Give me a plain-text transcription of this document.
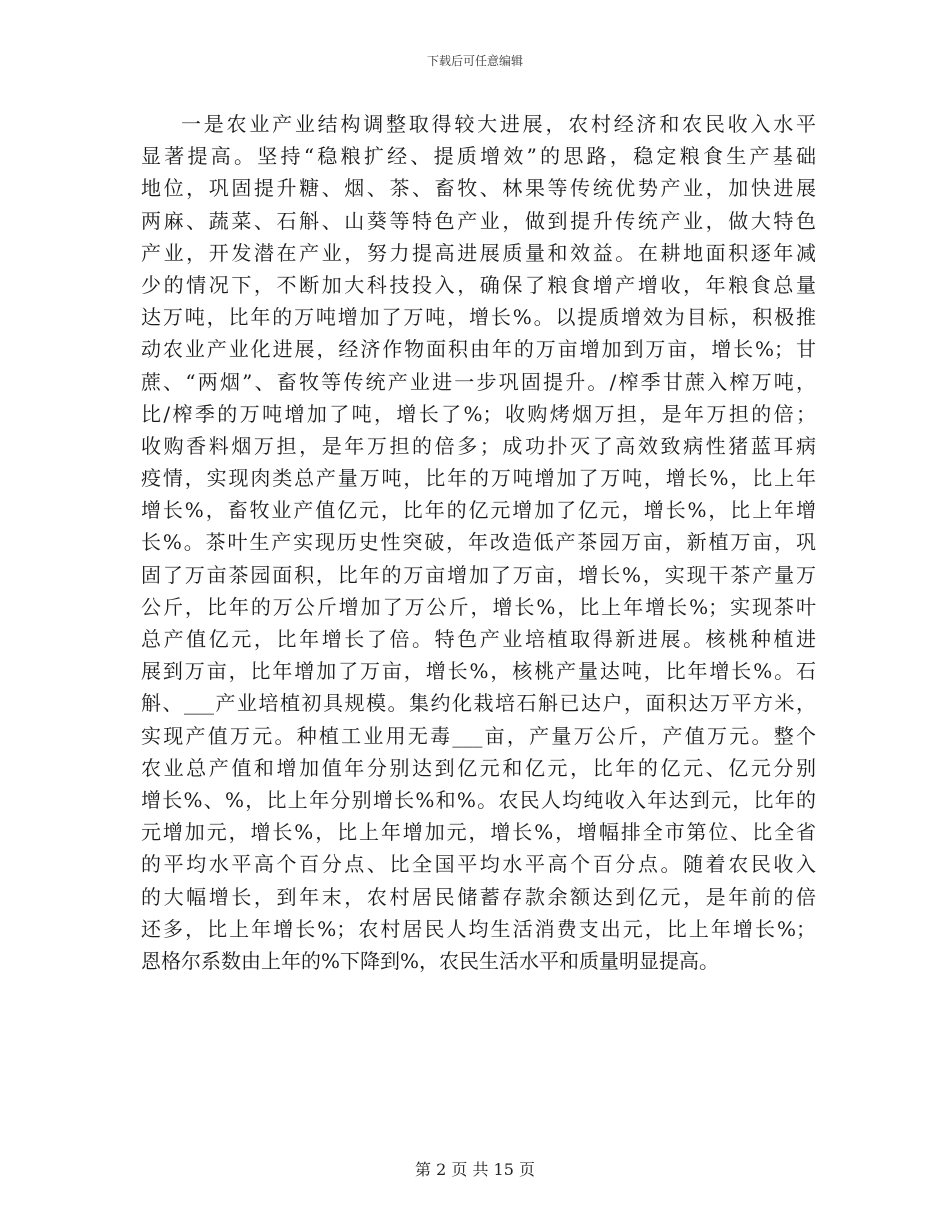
下载后可任意编辑
一是农业产业结构调整取得较大进展，农村经济和农民收入水平
显著提高。坚持“稳粮扩经、提质增效”的思路，稳定粮食生产基础
地位，巩固提升糖、烟、茶、畜牧、林果等传统优势产业，加快进展
两麻、蔬菜、石斛、山葵等特色产业，做到提升传统产业，做大特色
产业，开发潜在产业，努力提高进展质量和效益。在耕地面积逐年减
少的情况下，不断加大科技投入，确保了粮食增产增收，年粮食总量
达万吨，比年的万吨增加了万吨，增长%。以提质增效为目标，积极推
动农业产业化进展，经济作物面积由年的万亩增加到万亩，增长%；甘
蔗、“两烟”、畜牧等传统产业进一步巩固提升。/榨季甘蔗入榨万吨，
比/榨季的万吨增加了吨，增长了%；收购烤烟万担，是年万担的倍；
收购香料烟万担，是年万担的倍多；成功扑灭了高效致病性猪蓝耳病
疫情，实现肉类总产量万吨，比年的万吨增加了万吨，增长%，比上年
增长%，畜牧业产值亿元，比年的亿元增加了亿元，增长%，比上年增
长%。茶叶生产实现历史性突破，年改造低产茶园万亩，新植万亩，巩
固了万亩茶园面积，比年的万亩增加了万亩，增长%，实现干茶产量万
公斤，比年的万公斤增加了万公斤，增长%，比上年增长%；实现茶叶
总产值亿元，比年增长了倍。特色产业培植取得新进展。核桃种植进
展到万亩，比年增加了万亩，增长%，核桃产量达吨，比年增长%。石
斛、___产业培植初具规模。集约化栽培石斛已达户，面积达万平方米，
实现产值万元。种植工业用无毒___亩，产量万公斤，产值万元。整个
农业总产值和增加值年分别达到亿元和亿元，比年的亿元、亿元分别
增长%、%，比上年分别增长%和%。农民人均纯收入年达到元，比年的
元增加元，增长%，比上年增加元，增长%，增幅排全市第位、比全省
的平均水平高个百分点、比全国平均水平高个百分点。随着农民收入
的大幅增长，到年末，农村居民储蓄存款余额达到亿元，是年前的倍
还多，比上年增长%；农村居民人均生活消费支出元，比上年增长%；
恩格尔系数由上年的%下降到%，农民生活水平和质量明显提高。
第 2 页 共 15 页
